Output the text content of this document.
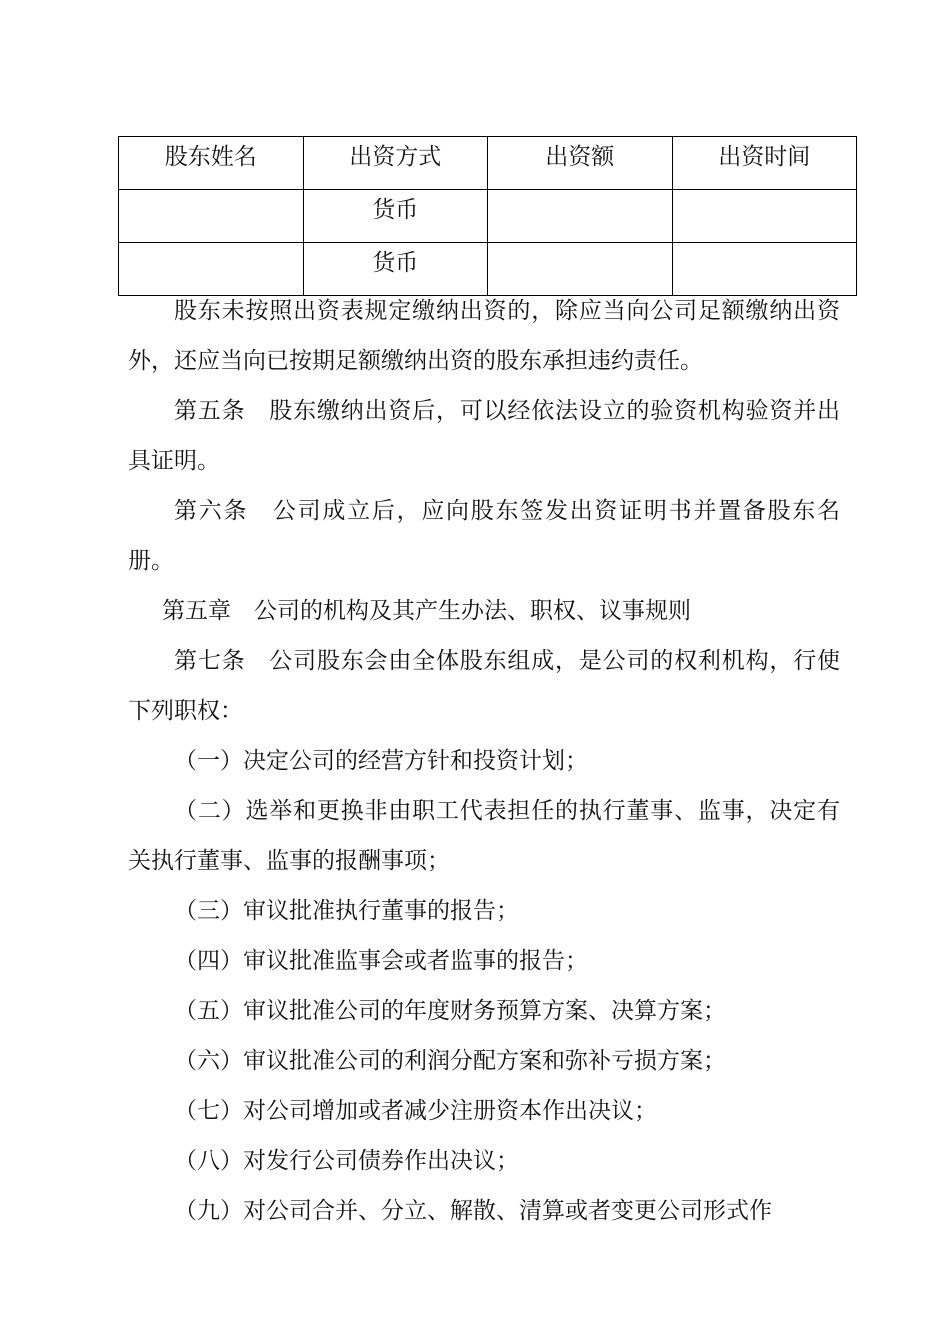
股东姓名	出资方式	出资额	出资时间
	货币		
	货币		

股东未按照出资表规定缴纳出资的，除应当向公司足额缴纳出资外，还应当向已按期足额缴纳出资的股东承担违约责任。

第五条 股东缴纳出资后，可以经依法设立的验资机构验资并出具证明。

第六条 公司成立后，应向股东签发出资证明书并置备股东名册。

第五章 公司的机构及其产生办法、职权、议事规则

第七条 公司股东会由全体股东组成，是公司的权利机构，行使下列职权：

（一）决定公司的经营方针和投资计划；

（二）选举和更换非由职工代表担任的执行董事、监事，决定有关执行董事、监事的报酬事项；

（三）审议批准执行董事的报告；

（四）审议批准监事会或者监事的报告；

（五）审议批准公司的年度财务预算方案、决算方案；

（六）审议批准公司的利润分配方案和弥补亏损方案；

（七）对公司增加或者减少注册资本作出决议；

（八）对发行公司债券作出决议；

（九）对公司合并、分立、解散、清算或者变更公司形式作
